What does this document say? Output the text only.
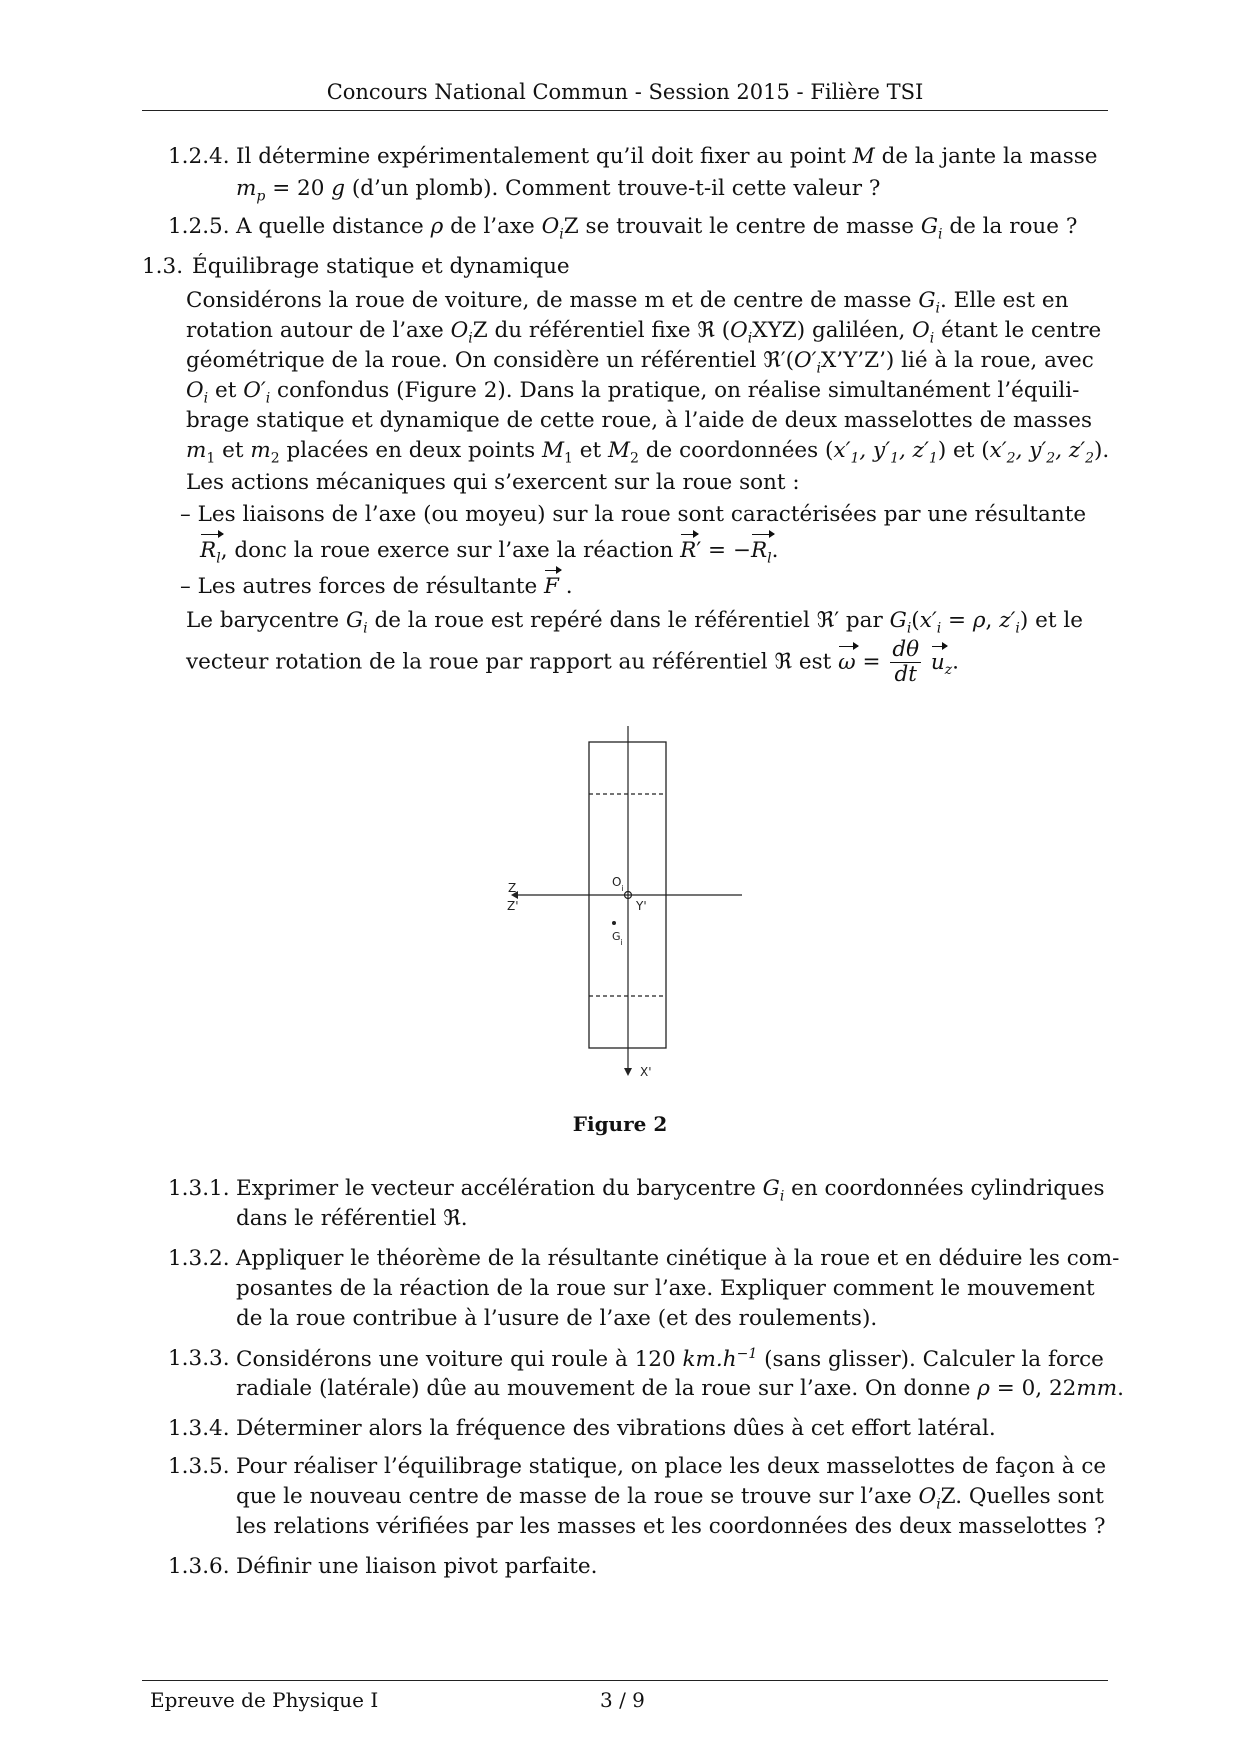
Concours National Commun - Session 2015 - Filière TSI
1.2.4. Il détermine expérimentalement qu’il doit fixer au point M de la jante la masse
$m_p = 20$ g (d’un plomb). Comment trouve-t-il cette valeur ?
1.2.5. A quelle distance ρ de l’axe $O_iZ$ se trouvait le centre de masse $G_i$ de la roue ?
1.3. Équilibrage statique et dynamique
Considérons la roue de voiture, de masse m et de centre de masse $G_i$. Elle est en
rotation autour de l’axe $O_iZ$ du référentiel fixe ℜ $(O_iXYZ)$ galiléen, $O_i$ étant le centre
géométrique de la roue. On considère un référentiel $ℜ'(O'_iX’Y’Z’)$ lié à la roue, avec
$O_i$ et $O'_i$ confondus (Figure 2). Dans la pratique, on réalise simultanément l’équili-
brage statique et dynamique de cette roue, à l’aide de deux masselottes de masses
$m_1$ et $m_2$ placées en deux points $M_1$ et $M_2$ de coordonnées ($x'_1$, $y'_1$, $z'_1$) et ($x'_2$, $y'_2$, $z'_2$).
Les actions mécaniques qui s’exercent sur la roue sont :
– Les liaisons de l’axe (ou moyeu) sur la roue sont caractérisées par une résultante
$R_l$, donc la roue exerce sur l’axe la réaction $R' = -R_l$.
– Les autres forces de résultante F .
Le barycentre $G_i$ de la roue est repéré dans le référentiel ℜ′ par $G_i(x'_i = \rho$, $z'_i$) et le
vecteur rotation de la roue par rapport au référentiel ℜ est $\omega = \frac{d\theta}{dt} u_z$.
Z
Z'
$O_i$
Y'
$G_i$
X'
Figure 2
1.3.1. Exprimer le vecteur accélération du barycentre $G_i$ en coordonnées cylindriques
dans le référentiel ℜ.
1.3.2. Appliquer le théorème de la résultante cinétique à la roue et en déduire les com-
posantes de la réaction de la roue sur l’axe. Expliquer comment le mouvement
de la roue contribue à l’usure de l’axe (et des roulements).
1.3.3. Considérons une voiture qui roule à 120 $km.h^{-1}$ (sans glisser). Calculer la force
radiale (latérale) dûe au mouvement de la roue sur l’axe. On donne ρ = 0, 22mm.
1.3.4. Déterminer alors la fréquence des vibrations dûes à cet effort latéral.
1.3.5. Pour réaliser l’équilibrage statique, on place les deux masselottes de façon à ce
que le nouveau centre de masse de la roue se trouve sur l’axe $O_iZ$. Quelles sont
les relations vérifiées par les masses et les coordonnées des deux masselottes ?
1.3.6. Définir une liaison pivot parfaite.
Epreuve de Physique I	3 / 9
